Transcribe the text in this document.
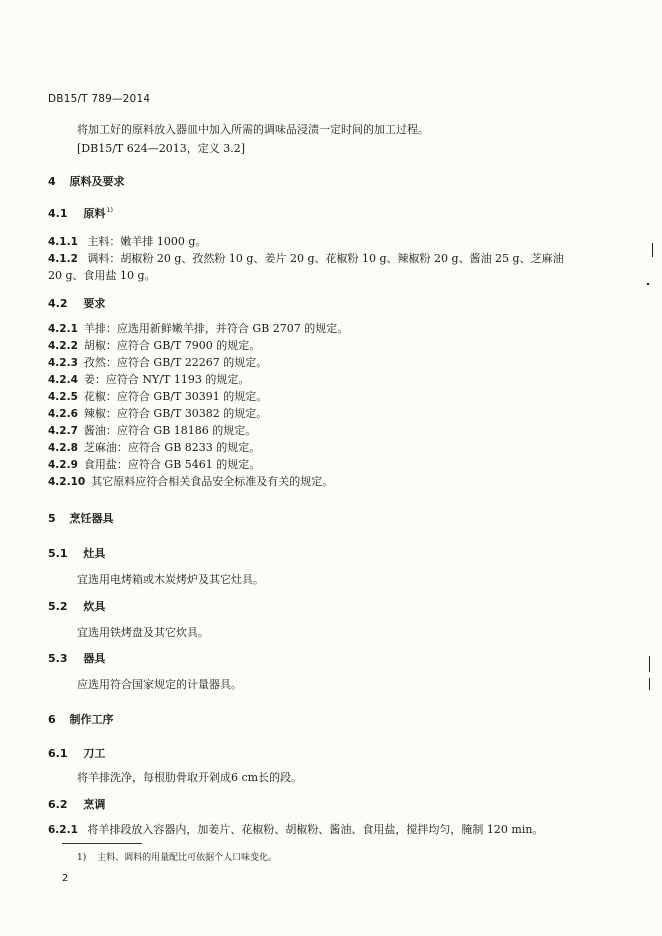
DB15/T 789—2014
将加工好的原料放入器皿中加入所需的调味品浸渍一定时间的加工过程。
[DB15/T 624—2013，定义 3.2]
4 原料及要求
4.1 原料$^{1)}$
4.1.1 主料：嫩羊排 1000 g。
4.1.2 调料：胡椒粉 20 g、孜然粉 10 g、姜片 20 g、花椒粉 10 g、辣椒粉 20 g、酱油 25 g、芝麻油
20 g、食用盐 10 g。
4.2 要求
4.2.1 羊排：应选用新鲜嫩羊排，并符合 GB 2707 的规定。
4.2.2 胡椒：应符合 GB/T 7900 的规定。
4.2.3 孜然：应符合 GB/T 22267 的规定。
4.2.4 姜：应符合 NY/T 1193 的规定。
4.2.5 花椒：应符合 GB/T 30391 的规定。
4.2.6 辣椒：应符合 GB/T 30382 的规定。
4.2.7 酱油：应符合 GB 18186 的规定。
4.2.8 芝麻油：应符合 GB 8233 的规定。
4.2.9 食用盐：应符合 GB 5461 的规定。
4.2.10 其它原料应符合相关食品安全标准及有关的规定。
5 烹饪器具
5.1 灶具
宜选用电烤箱或木炭烤炉及其它灶具。
5.2 炊具
宜选用铁烤盘及其它炊具。
5.3 器具
应选用符合国家规定的计量器具。
6 制作工序
6.1 刀工
将羊排洗净，每根肋骨取开剁成6 cm长的段。
6.2 烹调
6.2.1 将羊排段放入容器内，加姜片、花椒粉、胡椒粉、酱油、食用盐，搅拌均匀，腌制 120 min。
1) 主料、调料的用量配比可依据个人口味变化。
2
